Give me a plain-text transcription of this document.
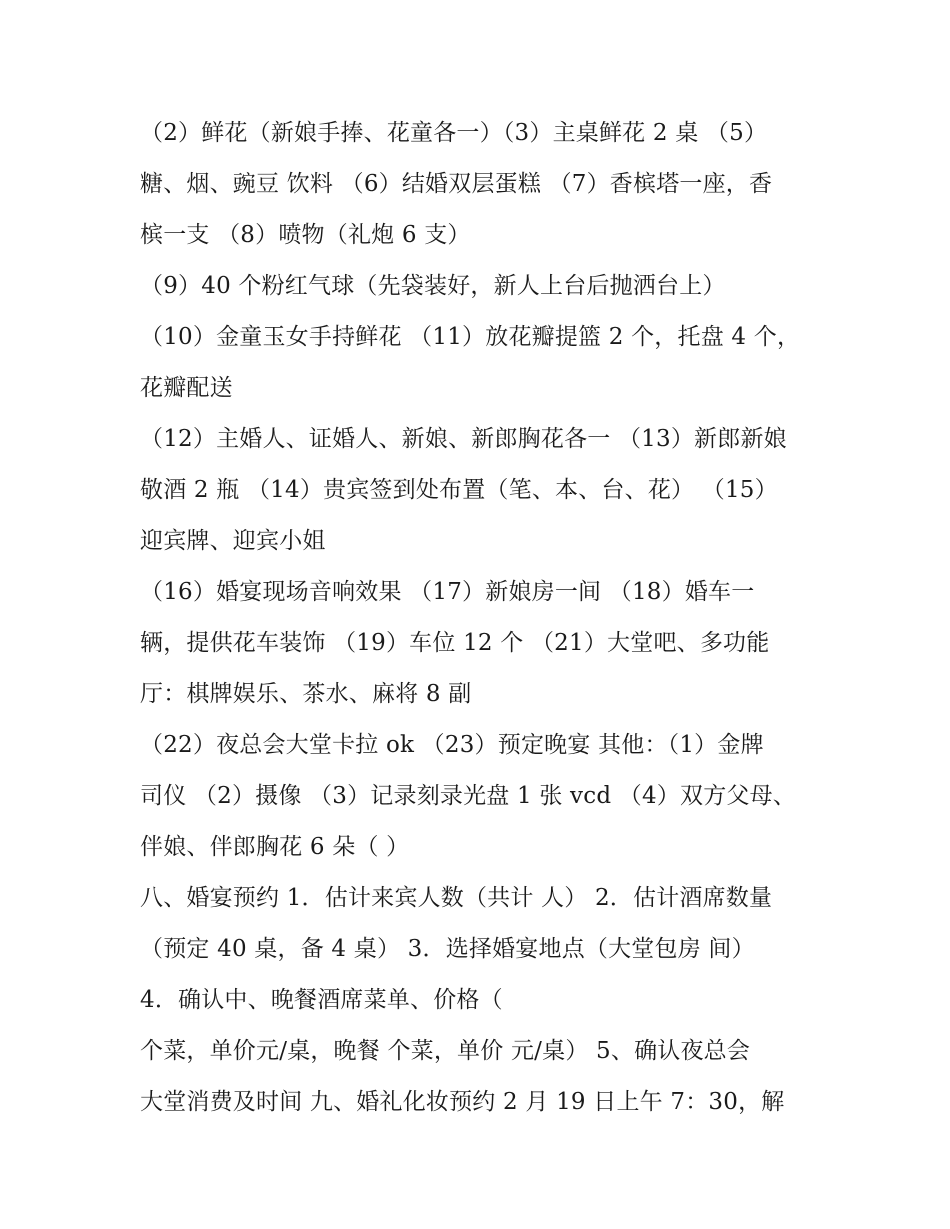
（2）鲜花（新娘手捧、花童各一）（3）主桌鲜花 2 桌 （5）
糖、烟、豌豆 饮料 （6）结婚双层蛋糕 （7）香槟塔一座，香
槟一支 （8）喷物（礼炮 6 支）
（9）40 个粉红气球（先袋装好，新人上台后抛洒台上）
（10）金童玉女手持鲜花 （11）放花瓣提篮 2 个，托盘 4 个，
花瓣配送
（12）主婚人、证婚人、新娘、新郎胸花各一 （13）新郎新娘
敬酒 2 瓶 （14）贵宾签到处布置（笔、本、台、花） （15）
迎宾牌、迎宾小姐
（16）婚宴现场音响效果 （17）新娘房一间 （18）婚车一
辆，提供花车装饰 （19）车位 12 个 （21）大堂吧、多功能
厅：棋牌娱乐、茶水、麻将 8 副
（22）夜总会大堂卡拉 ok （23）预定晚宴 其他：（1）金牌
司仪 （2）摄像 （3）记录刻录光盘 1 张 vcd （4）双方父母、
伴娘、伴郎胸花 6 朵（ ）
八、婚宴预约 1．估计来宾人数（共计 人） 2．估计酒席数量
（预定 40 桌，备 4 桌） 3．选择婚宴地点（大堂包房 间）
4．确认中、晚餐酒席菜单、价格（
个菜，单价元/桌，晚餐 个菜，单价 元/桌） 5、确认夜总会
大堂消费及时间 九、婚礼化妆预约 2 月 19 日上午 7：30，解
